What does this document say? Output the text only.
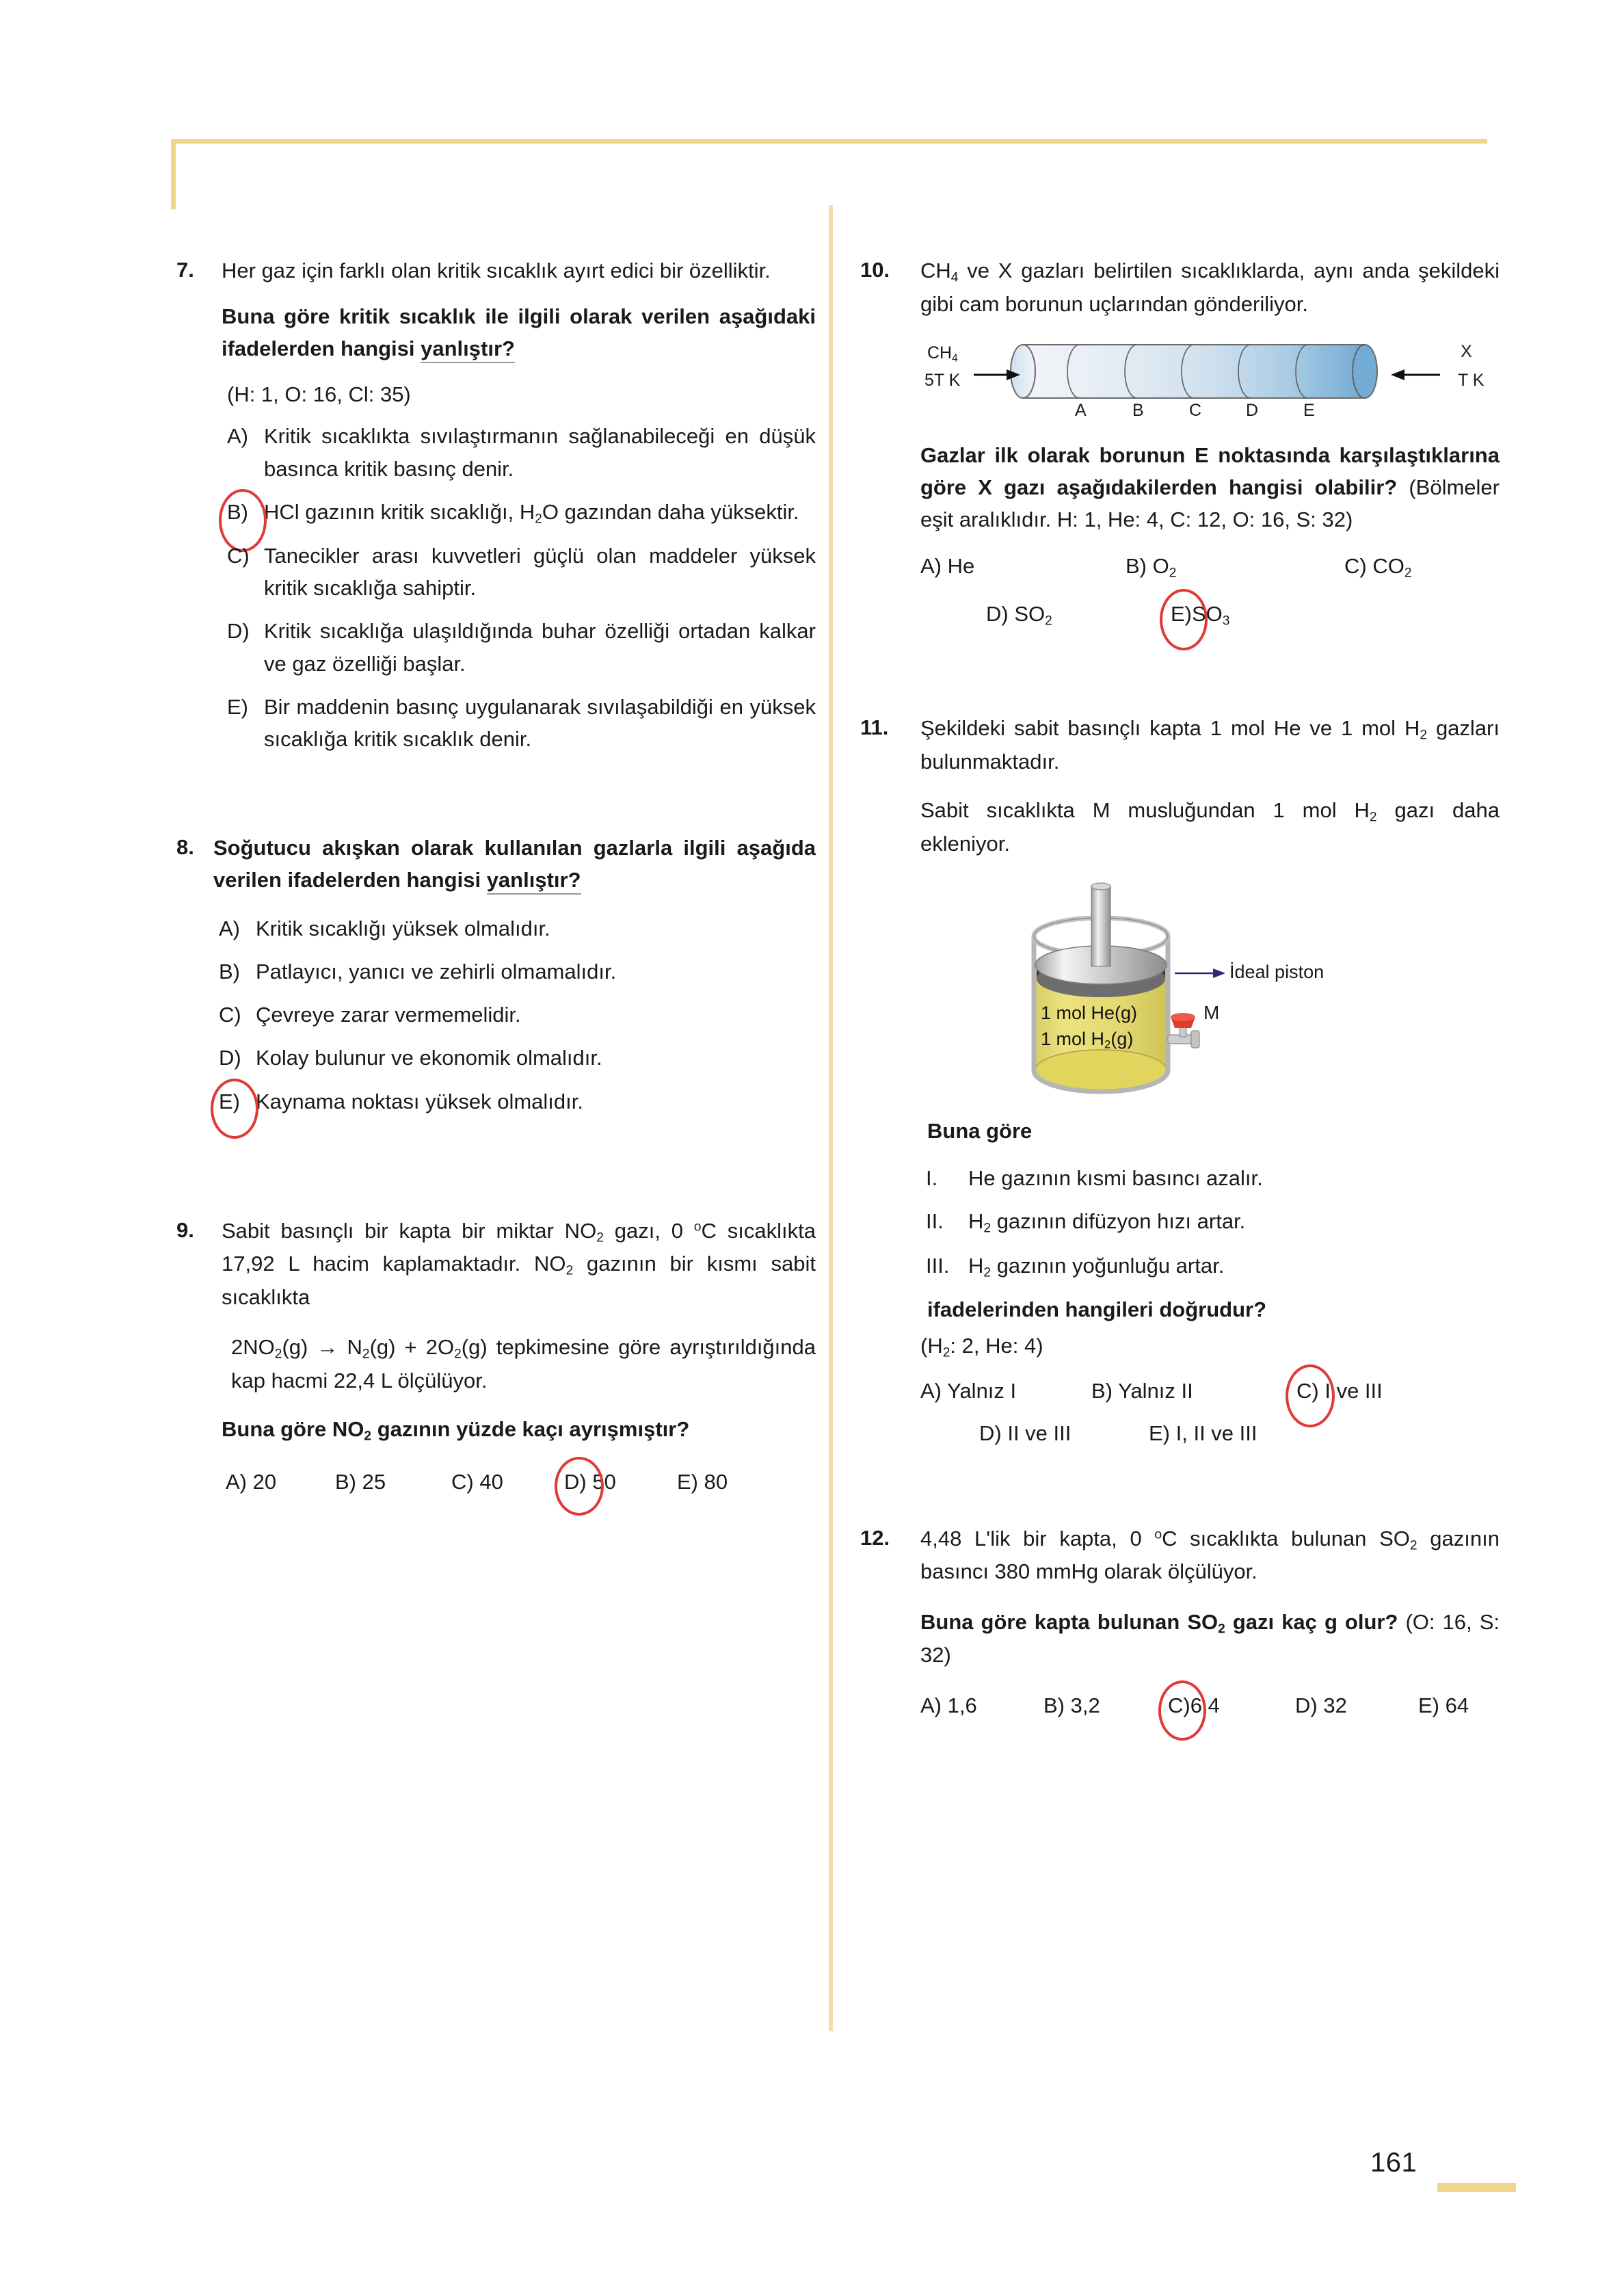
7.	Her gaz için farklı olan kritik sıcaklık ayırt edici bir özelliktir.

Buna göre kritik sıcaklık ile ilgili olarak verilen aşağıdaki ifadelerden hangisi yanlıştır?

(H: 1, O: 16, Cl: 35)

A) Kritik sıcaklıkta sıvılaştırmanın sağlanabileceği en düşük basınca kritik basınç denir.
B) HCl gazının kritik sıcaklığı, $H_2O$ gazından daha yüksektir.
C) Tanecikler arası kuvvetleri güçlü olan maddeler yüksek kritik sıcaklığa sahiptir.
D) Kritik sıcaklığa ulaşıldığında buhar özelliği ortadan kalkar ve gaz özelliği başlar.
E) Bir maddenin basınç uygulanarak sıvılaşabildiği en yüksek sıcaklığa kritik sıcaklık denir.
8. Soğutucu akışkan olarak kullanılan gazlarla ilgili aşağıda verilen ifadelerden hangisi yanlıştır?

A) Kritik sıcaklığı yüksek olmalıdır.
B) Patlayıcı, yanıcı ve zehirli olmamalıdır.
C) Çevreye zarar vermemelidir.
D) Kolay bulunur ve ekonomik olmalıdır.
E) Kaynama noktası yüksek olmalıdır.
9.	Sabit basınçlı bir kapta bir miktar $NO_2$ gazı, 0 $^o$C sıcaklıkta 17,92 L hacim kaplamaktadır. $NO_2$ gazının bir kısmı sabit sıcaklıkta

$2NO_2(g) \to N_2(g) + 2O_2(g)$ tepkimesine göre ayrıştırıldığında kap hacmi 22,4 L ölçülüyor.

Buna göre $NO_2$ gazının yüzde kaçı ayrışmıştır?

A) 20	B) 25	C) 40	D) 50	E) 80
10.	$CH_4$ ve X gazları belirtilen sıcaklıklarda, aynı anda şekildeki gibi cam borunun uçlarından gönderiliyor.

$CH_4$
5T K
X
T K
A	B	C	D	E

Gazlar ilk olarak borunun E noktasında karşılaştıklarına göre X gazı aşağıdakilerden hangisi olabilir? (Bölmeler eşit aralıklıdır. H: 1, He: 4, C: 12, O: 16, S: 32)

A) He	B) $O_2$	C) $CO_2$
D) $SO_2$	$E)SO_3$
11.	Şekildeki sabit basınçlı kapta 1 mol He ve 1 mol $H_2$ gazları bulunmaktadır.

Sabit sıcaklıkta M musluğundan 1 mol $H_2$ gazı daha ekleniyor.

1 mol He(g)
1 mol $H_2(g)$
M
İdeal piston

Buna göre

I.	He gazının kısmi basıncı azalır.
II.	$H_2$ gazının difüzyon hızı artar.
III. $H_2$ gazının yoğunluğu artar.

ifadelerinden hangileri doğrudur?

($H_2$: 2, He: 4)

A) Yalnız I	B) Yalnız II	C) I ve III
D) II ve III	E) I, II ve III
12.	4,48 L'lik bir kapta, 0 $^o$C sıcaklıkta bulunan $SO_2$ gazının basıncı 380 mmHg olarak ölçülüyor.

Buna göre kapta bulunan $SO_2$ gazı kaç g olur? (O: 16, S: 32)

A) 1,6	B) 3,2	C)6,4	D) 32	E) 64
161
